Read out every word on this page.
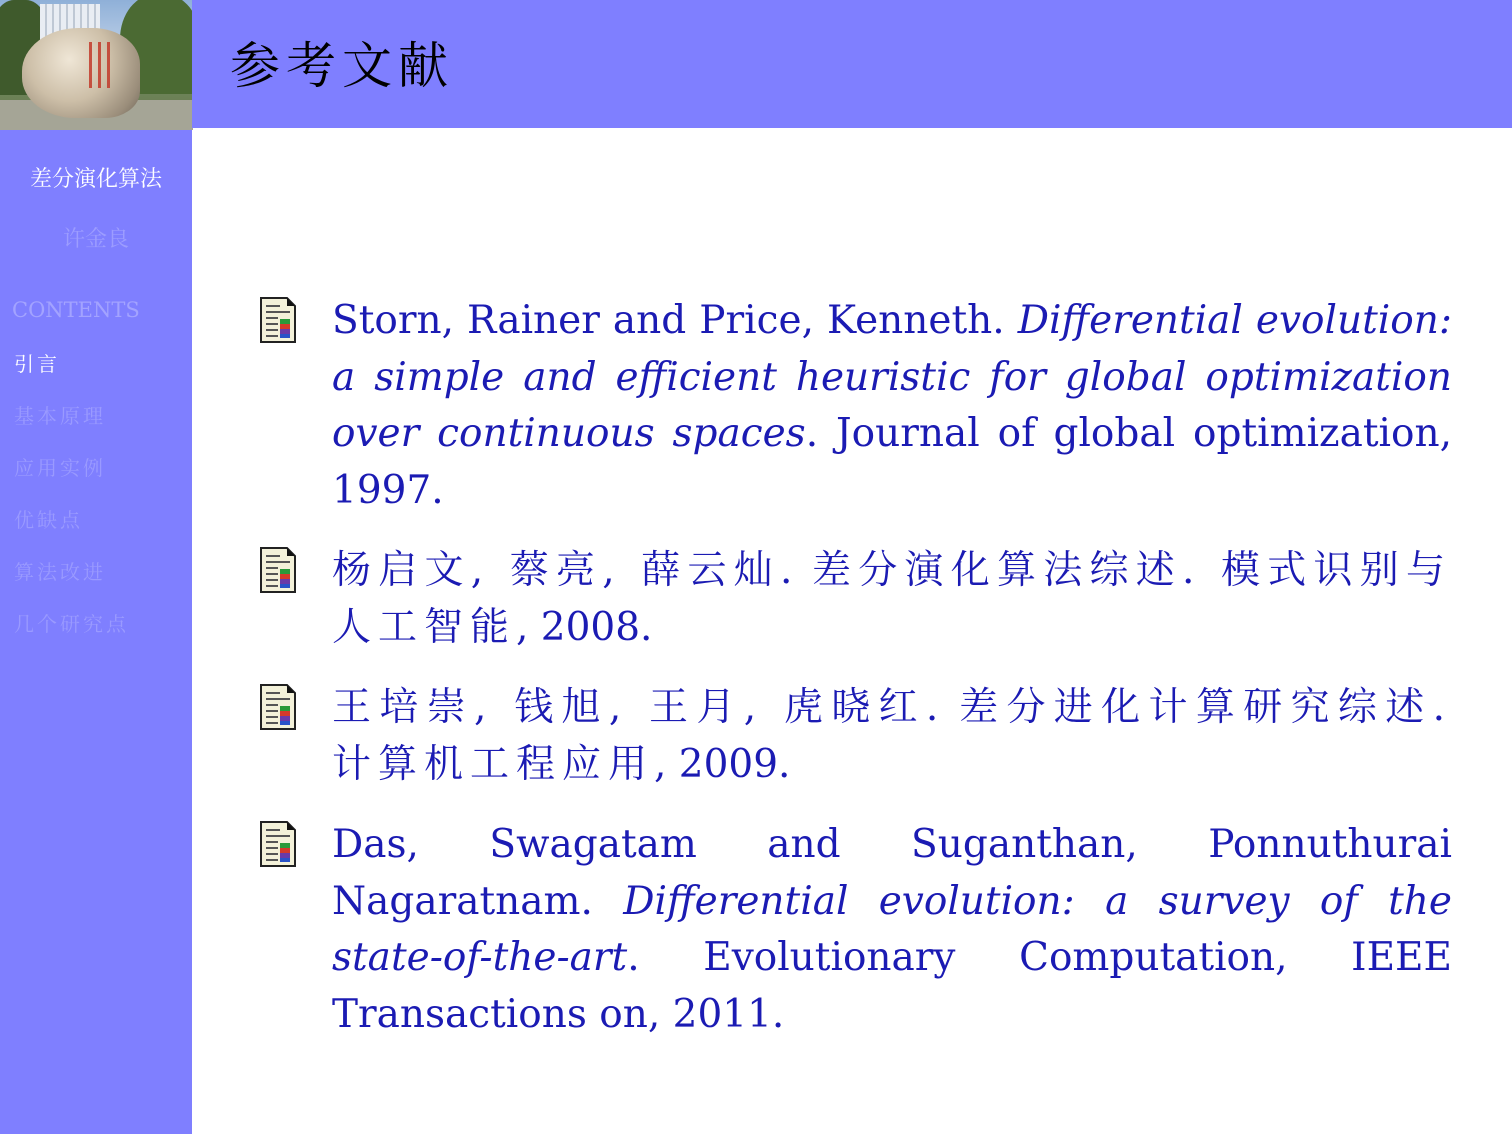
差分演化算法
许金良
CONTENTS
引言
基本原理
应用实例
优缺点
算法改进
几个研究点
参考文献
Storn, Rainer and Price, Kenneth. Differential evolution: a simple and efficient heuristic for global optimization over continuous spaces. Journal of global optimization, 1997.
杨启文, 蔡亮, 薛云灿. 差分演化算法综述. 模式识别与人工智能, 2008.
王培崇, 钱旭, 王月, 虎晓红. 差分进化计算研究综述. 计算机工程应用, 2009.
Das, Swagatam and Suganthan, Ponnuthurai Nagaratnam. Differential evolution: a survey of the state-of-the-art. Evolutionary Computation, IEEE Transactions on, 2011.
